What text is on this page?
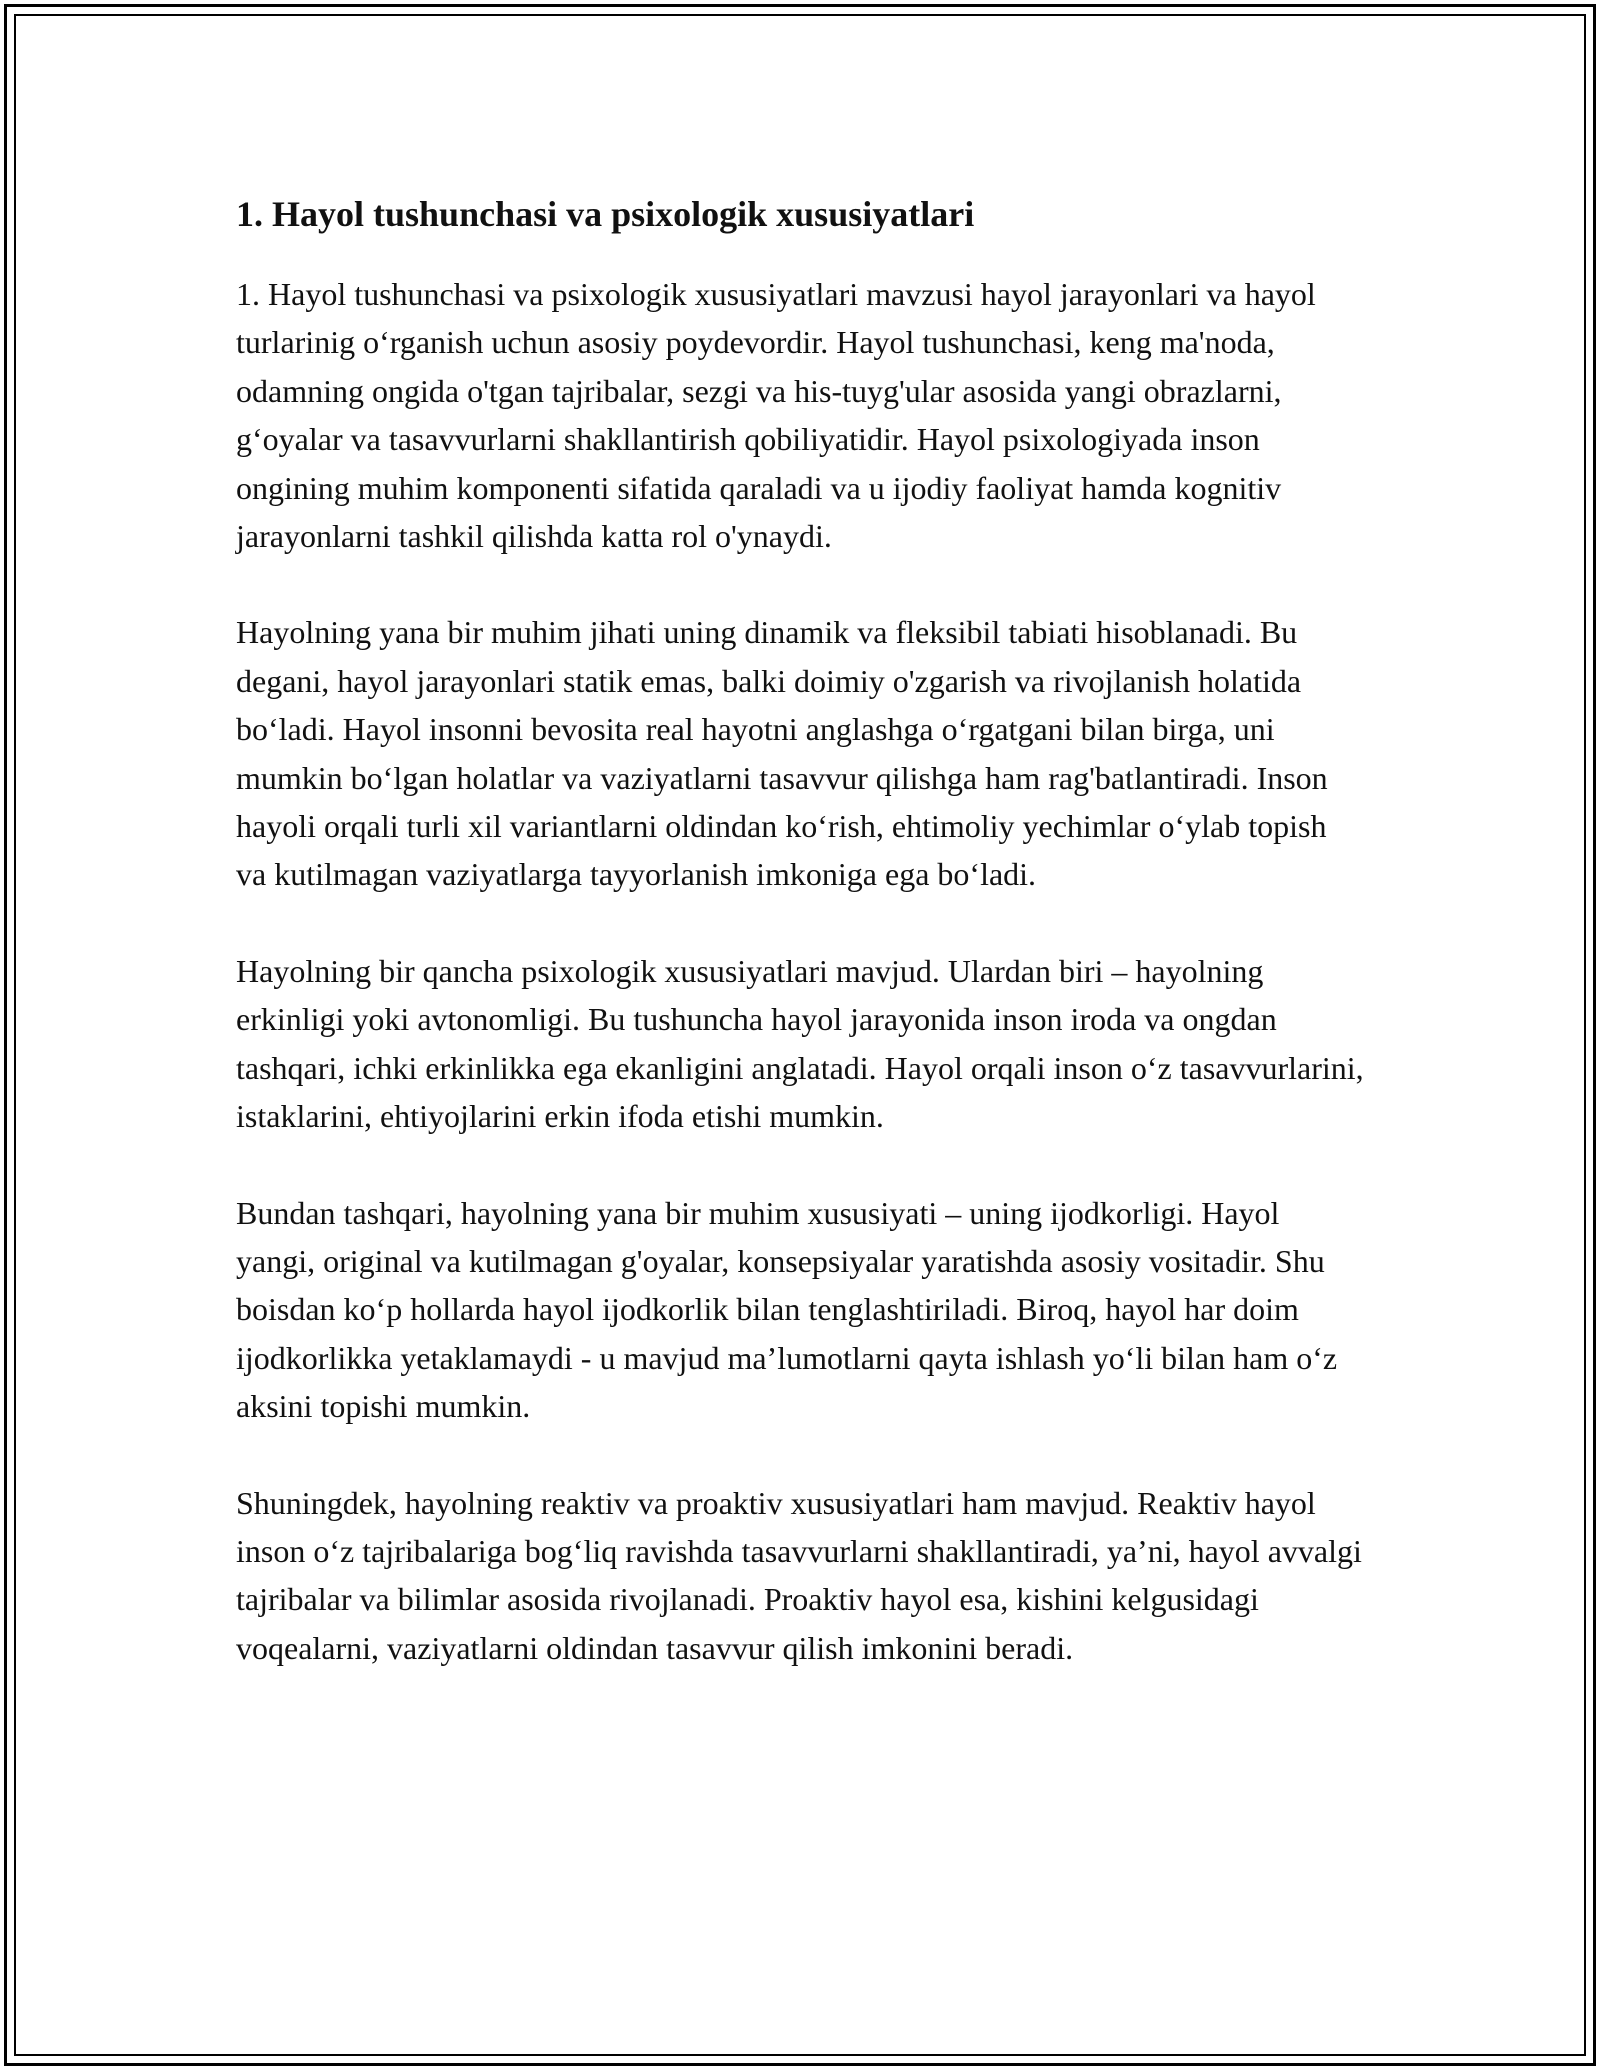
1. Hayol tushunchasi va psixologik xususiyatlari

1. Hayol tushunchasi va psixologik xususiyatlari mavzusi hayol jarayonlari va hayol turlarinig o‘rganish uchun asosiy poydevordir. Hayol tushunchasi, keng ma'noda, odamning ongida o'tgan tajribalar, sezgi va his-tuyg'ular asosida yangi obrazlarni, g‘oyalar va tasavvurlarni shakllantirish qobiliyatidir. Hayol psixologiyada inson ongining muhim komponenti sifatida qaraladi va u ijodiy faoliyat hamda kognitiv jarayonlarni tashkil qilishda katta rol o'ynaydi.

Hayolning yana bir muhim jihati uning dinamik va fleksibil tabiati hisoblanadi. Bu degani, hayol jarayonlari statik emas, balki doimiy o'zgarish va rivojlanish holatida bo‘ladi. Hayol insonni bevosita real hayotni anglashga o‘rgatgani bilan birga, uni mumkin bo‘lgan holatlar va vaziyatlarni tasavvur qilishga ham rag'batlantiradi. Inson hayoli orqali turli xil variantlarni oldindan ko‘rish, ehtimoliy yechimlar o‘ylab topish va kutilmagan vaziyatlarga tayyorlanish imkoniga ega bo‘ladi.

Hayolning bir qancha psixologik xususiyatlari mavjud. Ulardan biri – hayolning erkinligi yoki avtonomligi. Bu tushuncha hayol jarayonida inson iroda va ongdan tashqari, ichki erkinlikka ega ekanligini anglatadi. Hayol orqali inson o‘z tasavvurlarini, istaklarini, ehtiyojlarini erkin ifoda etishi mumkin.

Bundan tashqari, hayolning yana bir muhim xususiyati – uning ijodkorligi. Hayol yangi, original va kutilmagan g'oyalar, konsepsiyalar yaratishda asosiy vositadir. Shu boisdan ko‘p hollarda hayol ijodkorlik bilan tenglashtiriladi. Biroq, hayol har doim ijodkorlikka yetaklamaydi - u mavjud ma’lumotlarni qayta ishlash yo‘li bilan ham o‘z aksini topishi mumkin.

Shuningdek, hayolning reaktiv va proaktiv xususiyatlari ham mavjud. Reaktiv hayol inson o‘z tajribalariga bog‘liq ravishda tasavvurlarni shakllantiradi, ya’ni, hayol avvalgi tajribalar va bilimlar asosida rivojlanadi. Proaktiv hayol esa, kishini kelgusidagi voqealarni, vaziyatlarni oldindan tasavvur qilish imkonini beradi.
